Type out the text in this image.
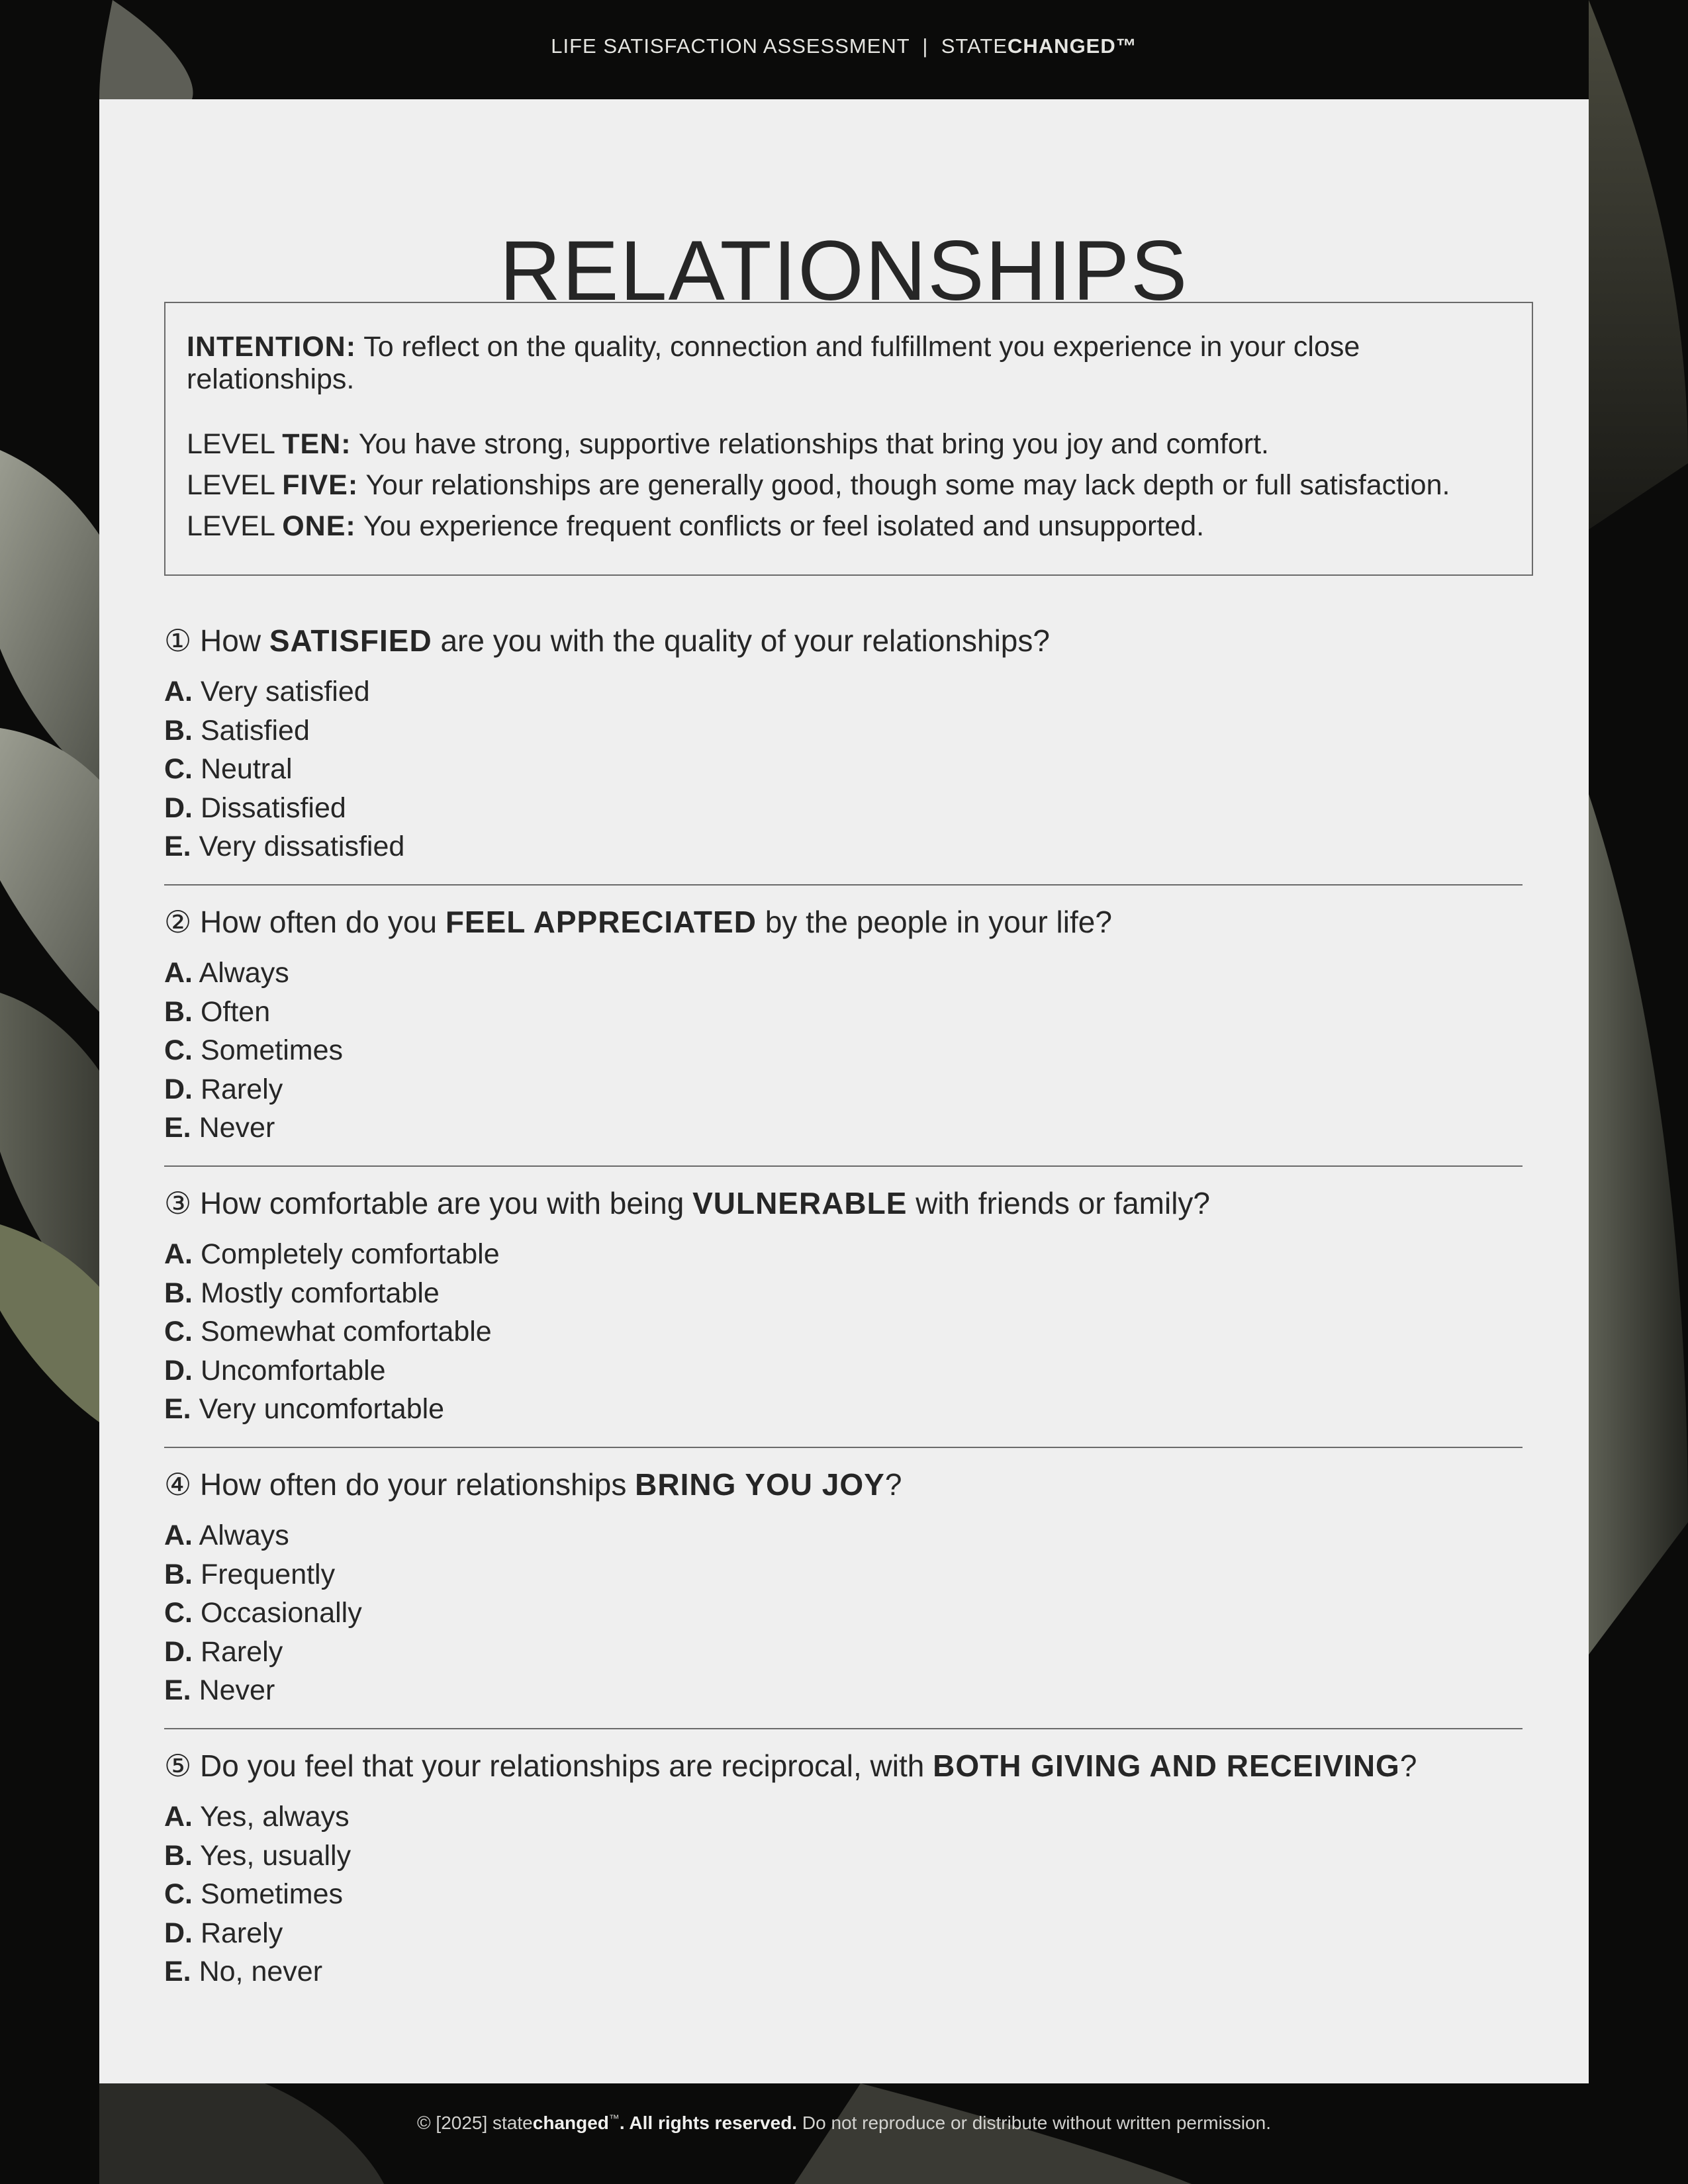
LIFE SATISFACTION ASSESSMENT | STATECHANGED™
RELATIONSHIPS
INTENTION: To reflect on the quality, connection and fulfillment you experience in your close relationships.
LEVEL TEN: You have strong, supportive relationships that bring you joy and comfort.
LEVEL FIVE: Your relationships are generally good, though some may lack depth or full satisfaction.
LEVEL ONE: You experience frequent conflicts or feel isolated and unsupported.
① How SATISFIED are you with the quality of your relationships?
A. Very satisfied
B. Satisfied
C. Neutral
D. Dissatisfied
E. Very dissatisfied
② How often do you FEEL APPRECIATED by the people in your life?
A. Always
B. Often
C. Sometimes
D. Rarely
E. Never
③ How comfortable are you with being VULNERABLE with friends or family?
A. Completely comfortable
B. Mostly comfortable
C. Somewhat comfortable
D. Uncomfortable
E. Very uncomfortable
④ How often do your relationships BRING YOU JOY?
A. Always
B. Frequently
C. Occasionally
D. Rarely
E. Never
⑤ Do you feel that your relationships are reciprocal, with BOTH GIVING AND RECEIVING?
A. Yes, always
B. Yes, usually
C. Sometimes
D. Rarely
E. No, never
© [2025] statechanged™. All rights reserved. Do not reproduce or distribute without written permission.
